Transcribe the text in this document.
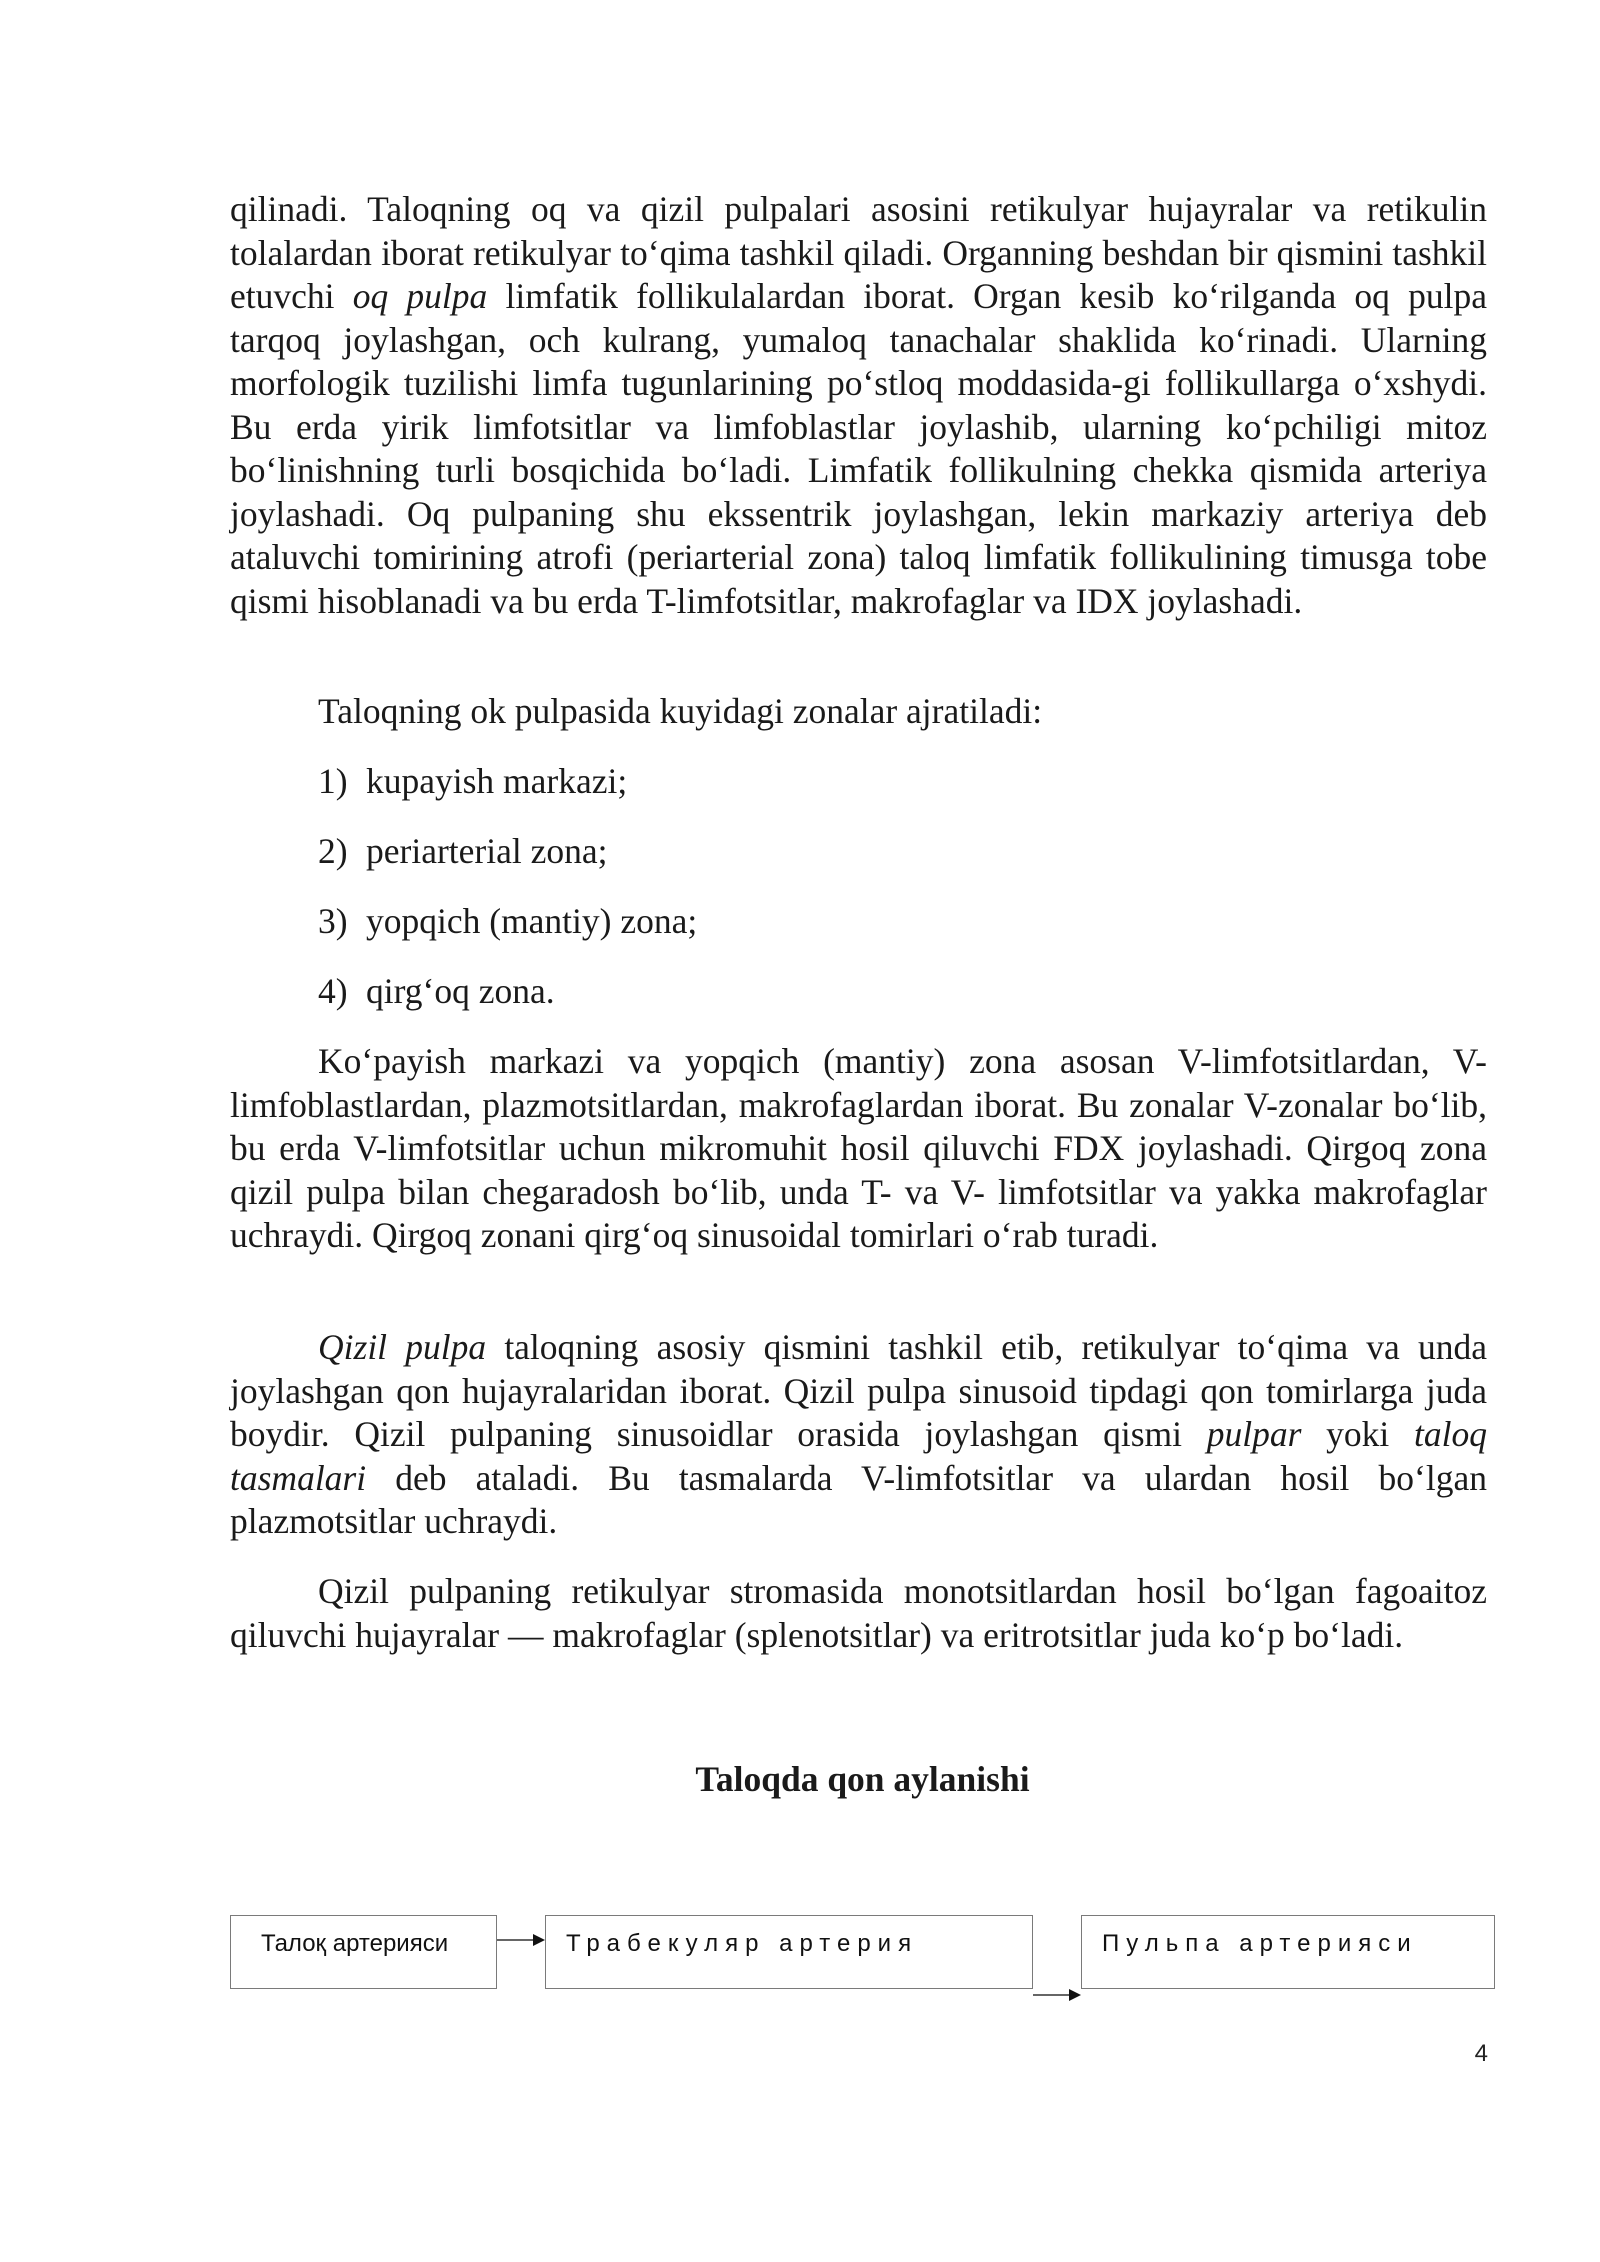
qilinadi. Taloqning oq va qizil pulpalari asosini retikulyar hujayralar va retikulin tolalardan iborat retikulyar to‘qima tashkil qiladi. Organning beshdan bir qismini tashkil etuvchi oq pulpa limfatik follikulalardan iborat. Organ kesib ko‘rilganda oq pulpa tarqoq joylashgan, och kulrang, yumaloq tanachalar shaklida ko‘rinadi. Ularning morfologik tuzilishi limfa tugunlarining po‘stloq moddasida-gi follikullarga o‘xshydi. Bu erda yirik limfotsitlar va limfoblastlar joylashib, ularning ko‘pchiligi mitoz bo‘linishning turli bosqichida bo‘ladi. Limfatik follikulning chekka qismida arteriya joylashadi. Oq pulpaning shu ekssentrik joylashgan, lekin markaziy arteriya deb ataluvchi tomirining atrofi (periarterial zona) taloq limfatik follikulining timusga tobe qismi hisoblanadi va bu erda T-limfotsitlar, makrofaglar va IDX joylashadi.

Taloqning ok pulpasida kuyidagi zonalar ajratiladi:

1) kupayish markazi;
2) periarterial zona;
3) yopqich (mantiy) zona;
4) qirg‘oq zona.

Ko‘payish markazi va yopqich (mantiy) zona asosan V-limfotsitlardan, V-limfoblastlardan, plazmotsitlardan, makrofaglardan iborat. Bu zonalar V-zonalar bo‘lib, bu erda V-limfotsitlar uchun mikromuhit hosil qiluvchi FDX joylashadi. Qirgoq zona qizil pulpa bilan chegaradosh bo‘lib, unda T- va V- limfotsitlar va yakka makrofaglar uchraydi. Qirgoq zonani qirg‘oq sinusoidal tomirlari o‘rab turadi.

Qizil pulpa taloqning asosiy qismini tashkil etib, retikulyar to‘qima va unda joylashgan qon hujayralaridan iborat. Qizil pulpa sinusoid tipdagi qon tomirlarga juda boydir. Qizil pulpaning sinusoidlar orasida joylashgan qismi pulpar yoki taloq tasmalari deb ataladi. Bu tasmalarda V-limfotsitlar va ulardan hosil bo‘lgan plazmotsitlar uchraydi.

Qizil pulpaning retikulyar stromasida monotsitlardan hosil bo‘lgan fagoaitoz qiluvchi hujayralar — makrofaglar (splenotsitlar) va eritrotsitlar juda ko‘p bo‘ladi.

Taloqda qon aylanishi
Талоқ артерияси	Трабекуляр артерия	Пульпа артерияси
4
